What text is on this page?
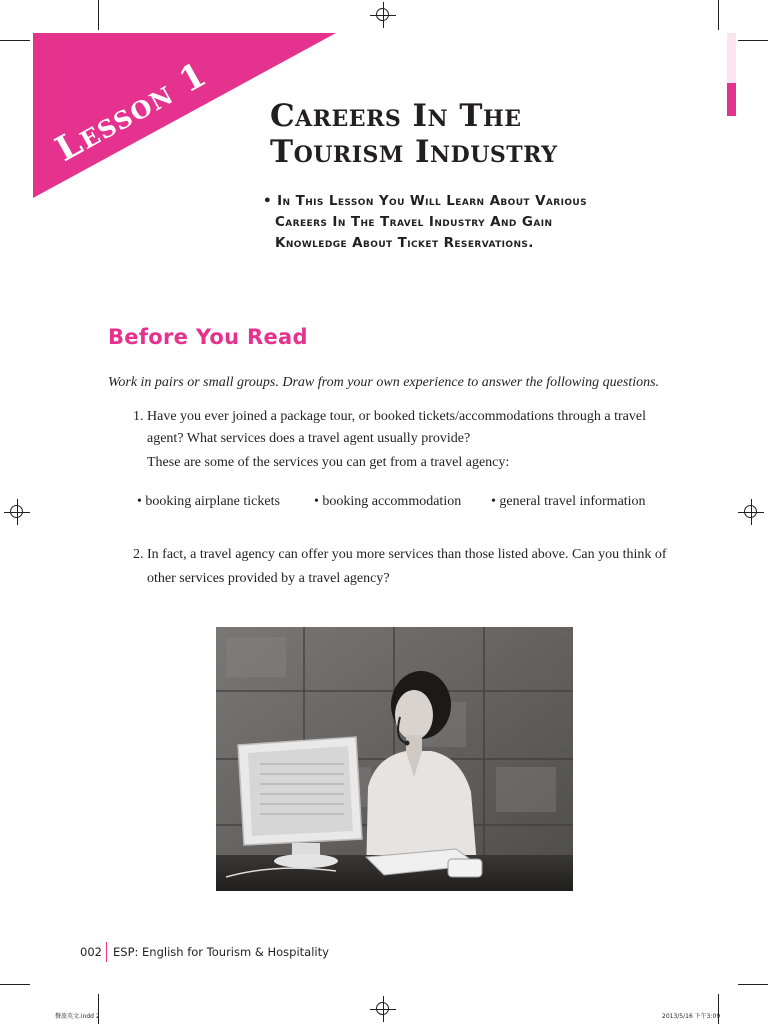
Lesson 1 Careers In The
Tourism Industry
• In This Lesson You Will Learn About Various
Careers In The Travel Industry And Gain
Knowledge About Ticket Reservations.
Before You Read
Work in pairs or small groups. Draw from your own experience to answer the following questions.
1. Have you ever joined a package tour, or booked tickets/accommodations through a travel
agent? What services does a travel agent usually provide?
These are some of the services you can get from a travel agency:
• booking airplane tickets • booking accommodation • general travel information
2. In fact, a travel agency can offer you more services than those listed above. Can you think of
other services provided by a travel agency?
002 ESP: English for Tourism & Hospitality
餐旅英文.indd 2	2013/5/16 下午3:09
